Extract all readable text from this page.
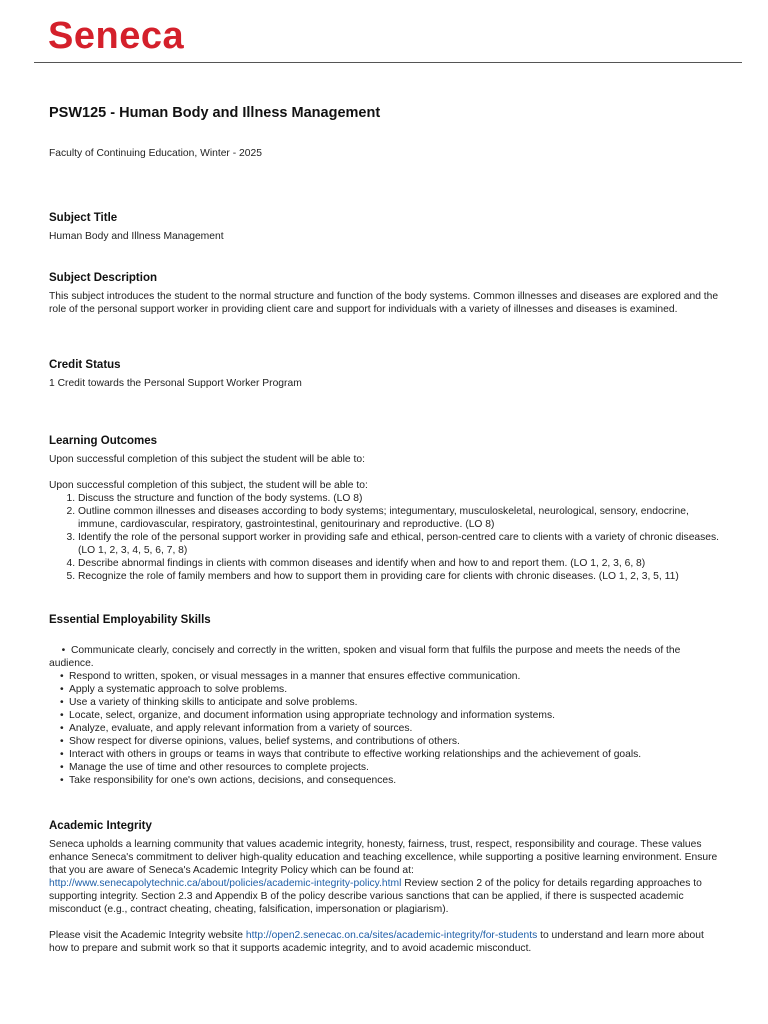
Seneca
PSW125 - Human Body and Illness Management

Faculty of Continuing Education, Winter - 2025

Subject Title

Human Body and Illness Management

Subject Description

This subject introduces the student to the normal structure and function of the body systems. Common illnesses and diseases are explored and the role of the personal support worker in providing client care and support for individuals with a variety of illnesses and diseases is examined.

Credit Status

1 Credit towards the Personal Support Worker Program

Learning Outcomes

Upon successful completion of this subject the student will be able to:

Upon successful completion of this subject, the student will be able to:

1. Discuss the structure and function of the body systems. (LO 8)
2. Outline common illnesses and diseases according to body systems; integumentary, musculoskeletal, neurological, sensory, endocrine, immune, cardiovascular, respiratory, gastrointestinal, genitourinary and reproductive. (LO 8)
3. Identify the role of the personal support worker in providing safe and ethical, person-centred care to clients with a variety of chronic diseases. (LO 1, 2, 3, 4, 5, 6, 7, 8)
4. Describe abnormal findings in clients with common diseases and identify when and how to and report them. (LO 1, 2, 3, 6, 8)
5. Recognize the role of family members and how to support them in providing care for clients with chronic diseases. (LO 1, 2, 3, 5, 11)
Essential Employability Skills
•  Communicate clearly, concisely and correctly in the written, spoken and visual form that fulfils the purpose and meets the needs of the audience.
• Respond to written, spoken, or visual messages in a manner that ensures effective communication.
• Apply a systematic approach to solve problems.
• Use a variety of thinking skills to anticipate and solve problems.
• Locate, select, organize, and document information using appropriate technology and information systems.
• Analyze, evaluate, and apply relevant information from a variety of sources.
• Show respect for diverse opinions, values, belief systems, and contributions of others.
• Interact with others in groups or teams in ways that contribute to effective working relationships and the achievement of goals.
• Manage the use of time and other resources to complete projects.
• Take responsibility for one's own actions, decisions, and consequences.
Academic Integrity

Seneca upholds a learning community that values academic integrity, honesty, fairness, trust, respect, responsibility and courage. These values enhance Seneca's commitment to deliver high-quality education and teaching excellence, while supporting a positive learning environment. Ensure that you are aware of Seneca's Academic Integrity Policy which can be found at:
http://www.senecapolytechnic.ca/about/policies/academic-integrity-policy.html Review section 2 of the policy for details regarding approaches to supporting integrity. Section 2.3 and Appendix B of the policy describe various sanctions that can be applied, if there is suspected academic misconduct (e.g., contract cheating, cheating, falsification, impersonation or plagiarism).

Please visit the Academic Integrity website http://open2.senecac.on.ca/sites/academic-integrity/for-students to understand and learn more about how to prepare and submit work so that it supports academic integrity, and to avoid academic misconduct.
